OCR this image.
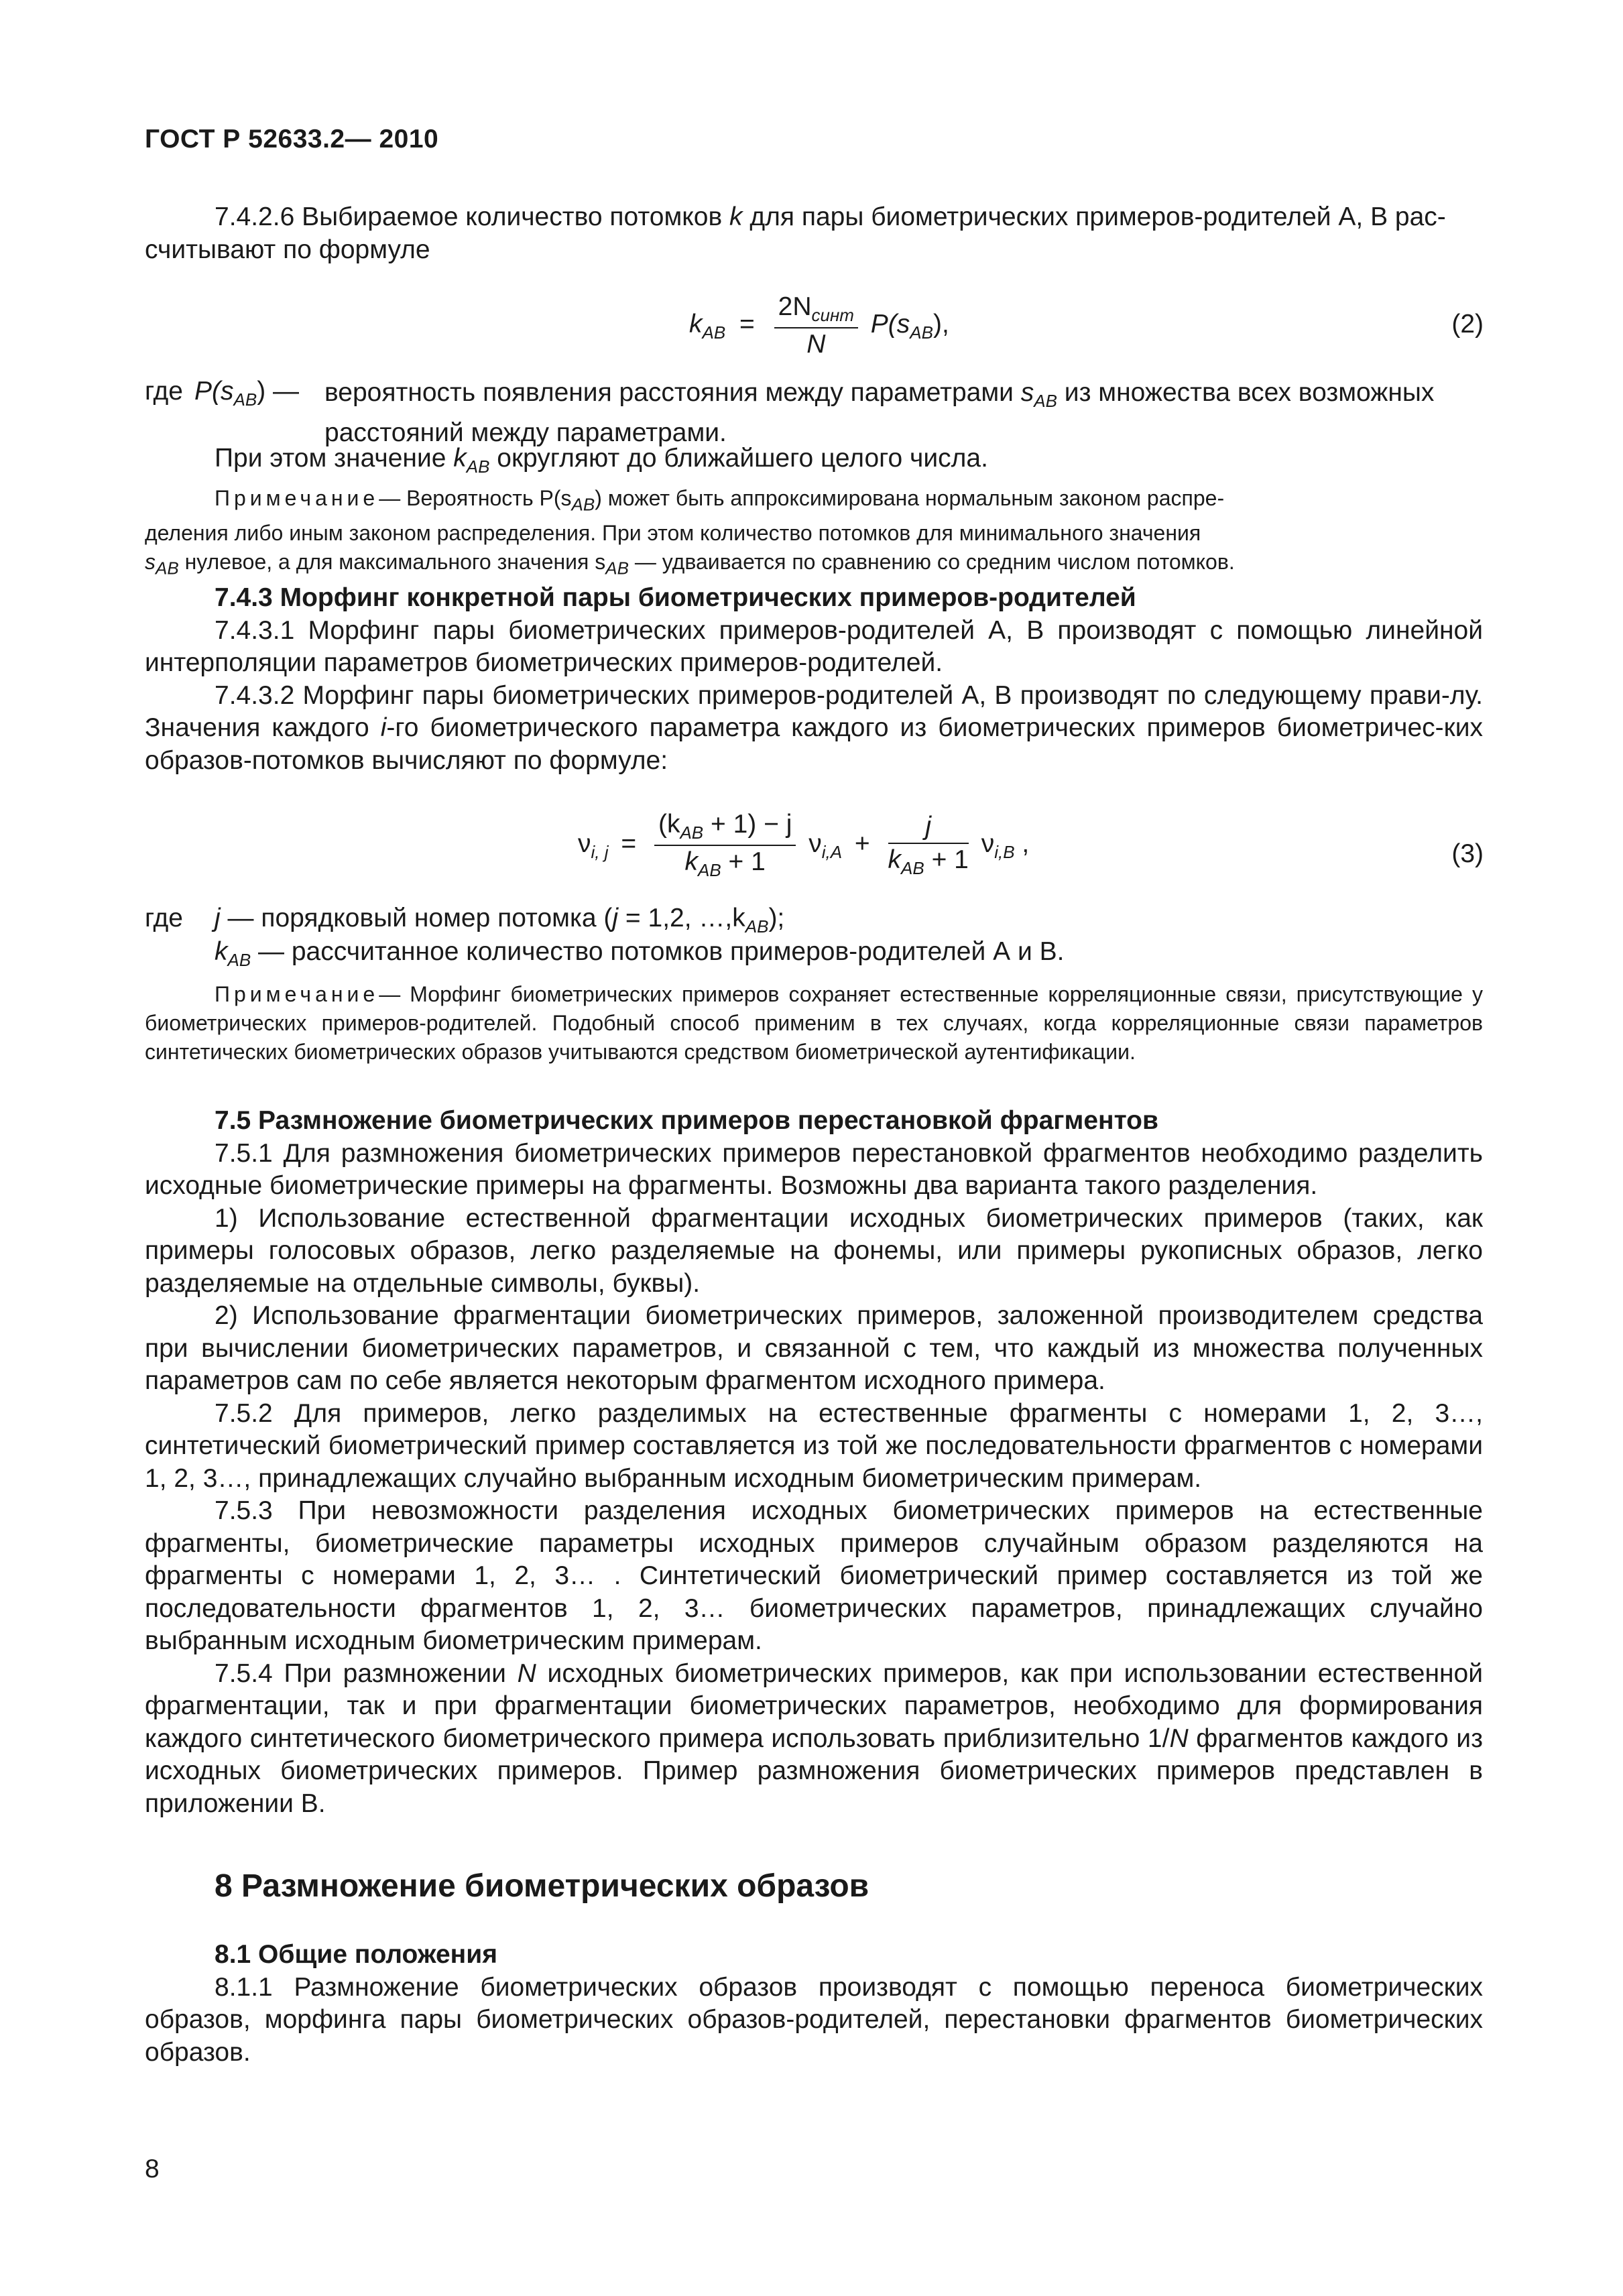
ГОСТ Р 52633.2— 2010

7.4.2.6 Выбираемое количество потомков k для пары биометрических примеров-родителей А, В рас-
считывают по формуле

$k_{AB} = \frac{2N_{синт}}{N} P(s_{AB})$,	(2)
где $P(s_{AB})$ — вероятность появления расстояния между параметрами $s_{AB}$ из множества всех возможных
расстояний между параметрами.

При этом значение $k_{AB}$ округляют до ближайшего целого числа.

Примечание— Вероятность $P(s_{AB})$ может быть аппроксимирована нормальным законом распре-
деления либо иным законом распределения. При этом количество потомков для минимального значения
$s_{AB}$ нулевое, а для максимального значения $s_{AB}$ — удваивается по сравнению со средним числом потомков.

7.4.3 Морфинг конкретной пары биометрических примеров-родителей

7.4.3.1 Морфинг пары биометрических примеров-родителей А, В производят с помощью линейной интерполяции параметров биометрических примеров-родителей.

7.4.3.2 Морфинг пары биометрических примеров-родителей А, В производят по следующему прави-лу. Значения каждого i-го биометрического параметра каждого из биометрических примеров биометричес-ких образов-потомков вычисляют по формуле:

$\nu_{i, j} = \frac{(k_{AB} + 1) - j}{k_{AB} + 1} \nu_{i,A} + \frac{j}{k_{AB} + 1} \nu_{i,B}$ ,	(3)
где j — порядковый номер потомка (j = 1,2, $\dots,k_{AB}$);
$k_{AB}$ — рассчитанное количество потомков примеров-родителей А и В.

Примечание— Морфинг биометрических примеров сохраняет естественные корреляционные связи, присутствующие у биометрических примеров-родителей. Подобный способ применим в тех случаях, когда корреляционные связи параметров синтетических биометрических образов учитываются средством биометрической аутентификации.

7.5 Размножение биометрических примеров перестановкой фрагментов

7.5.1 Для размножения биометрических примеров перестановкой фрагментов необходимо разделить исходные биометрические примеры на фрагменты. Возможны два варианта такого разделения.

1) Использование естественной фрагментации исходных биометрических примеров (таких, как примеры голосовых образов, легко разделяемые на фонемы, или примеры рукописных образов, легко разделяемые на отдельные символы, буквы).

2) Использование фрагментации биометрических примеров, заложенной производителем средства при вычислении биометрических параметров, и связанной с тем, что каждый из множества полученных параметров сам по себе является некоторым фрагментом исходного примера.

7.5.2 Для примеров, легко разделимых на естественные фрагменты с номерами 1, 2, 3…, синтетический биометрический пример составляется из той же последовательности фрагментов с номерами 1, 2, 3…, принадлежащих случайно выбранным исходным биометрическим примерам.

7.5.3 При невозможности разделения исходных биометрических примеров на естественные фрагменты, биометрические параметры исходных примеров случайным образом разделяются на фрагменты с номерами 1, 2, 3… . Синтетический биометрический пример составляется из той же последовательности фрагментов 1, 2, 3… биометрических параметров, принадлежащих случайно выбранным исходным биометрическим примерам.

7.5.4 При размножении N исходных биометрических примеров, как при использовании естественной фрагментации, так и при фрагментации биометрических параметров, необходимо для формирования каждого синтетического биометрического примера использовать приблизительно 1/N фрагментов каждого из исходных биометрических примеров. Пример размножения биометрических примеров представлен в приложении В.

8 Размножение биометрических образов

8.1 Общие положения

8.1.1 Размножение биометрических образов производят с помощью переноса биометрических образов, морфинга пары биометрических образов-родителей, перестановки фрагментов биометрических образов.

8
